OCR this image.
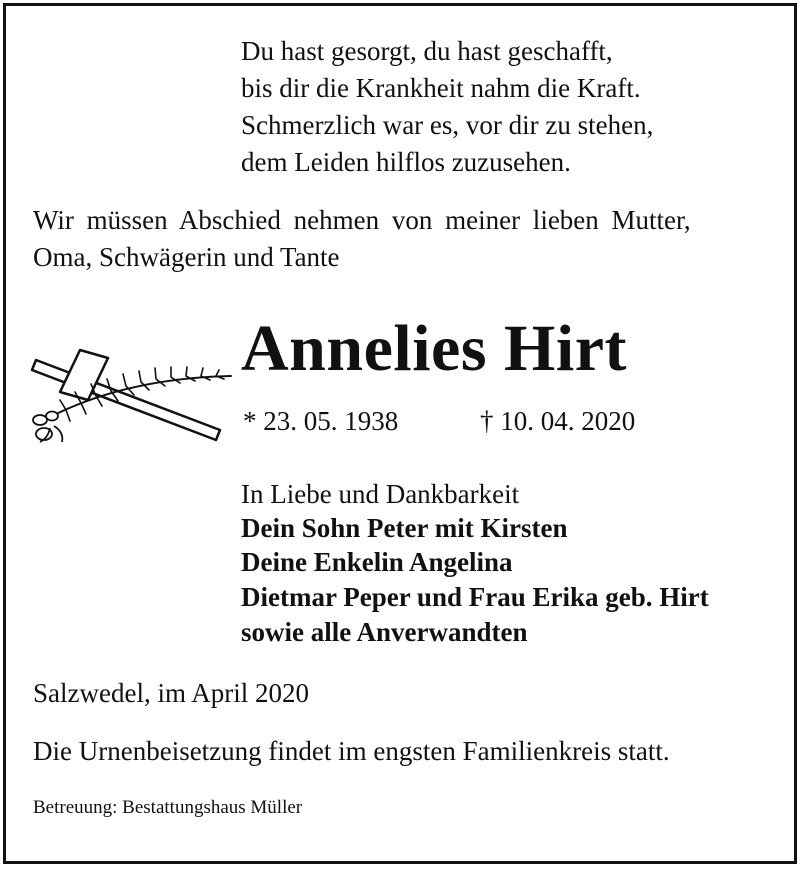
Du hast gesorgt, du hast geschafft,
bis dir die Krankheit nahm die Kraft.
Schmerzlich war es, vor dir zu stehen,
dem Leiden hilflos zuzusehen.
Wir müssen Abschied nehmen von meiner lieben Mutter,
Oma, Schwägerin und Tante
Annelies Hirt
* 23. 05. 1938	† 10. 04. 2020
In Liebe und Dankbarkeit
Dein Sohn Peter mit Kirsten
Deine Enkelin Angelina
Dietmar Peper und Frau Erika geb. Hirt
sowie alle Anverwandten
Salzwedel, im April 2020
Die Urnenbeisetzung findet im engsten Familienkreis statt.
Betreuung: Bestattungshaus Müller
